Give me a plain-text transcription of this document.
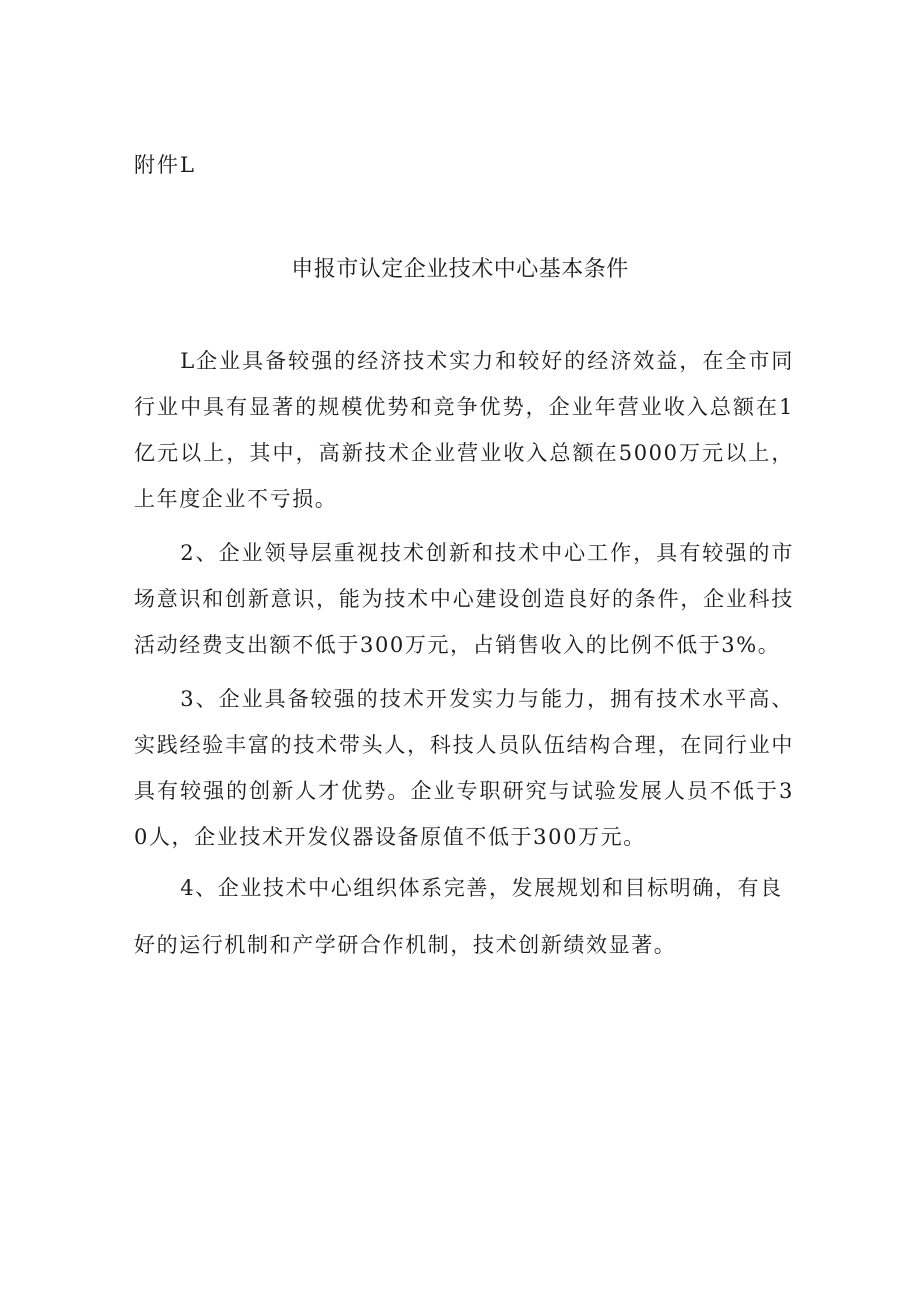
附件L
申报市认定企业技术中心基本条件

L企业具备较强的经济技术实力和较好的经济效益，在全市同行业中具有显著的规模优势和竞争优势，企业年营业收入总额在1亿元以上，其中，高新技术企业营业收入总额在5000万元以上，上年度企业不亏损。

2、企业领导层重视技术创新和技术中心工作，具有较强的市场意识和创新意识，能为技术中心建设创造良好的条件，企业科技活动经费支出额不低于300万元，占销售收入的比例不低于3%。

3、企业具备较强的技术开发实力与能力，拥有技术水平高、实践经验丰富的技术带头人，科技人员队伍结构合理，在同行业中具有较强的创新人才优势。企业专职研究与试验发展人员不低于30人，企业技术开发仪器设备原值不低于300万元。

4、企业技术中心组织体系完善，发展规划和目标明确，有良

好的运行机制和产学研合作机制，技术创新绩效显著。
